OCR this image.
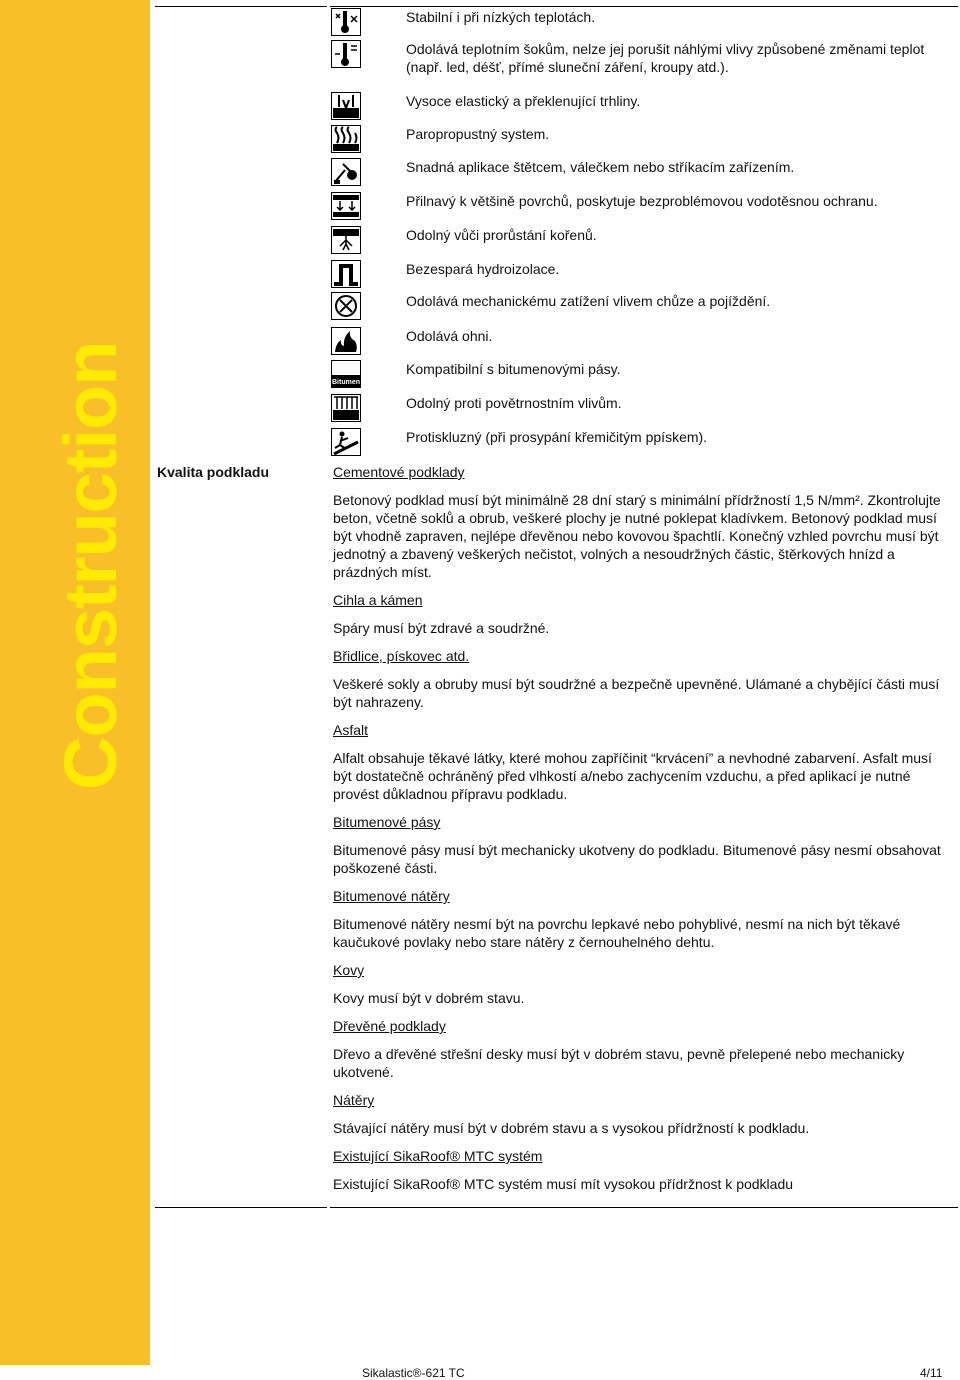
Construction
Stabilní i při nízkých teplotách.
Odolává teplotním šokům, nelze jej porušit náhlými vlivy způsobené změnami teplot (např. led, déšť, přímé sluneční záření, kroupy atd.).
Vysoce elastický a překlenující trhliny.
Paropropustný system.
Snadná aplikace štětcem, válečkem nebo stříkacím zařízením.
Přilnavý k většině povrchů, poskytuje bezproblémovou vodotěsnou ochranu.
Odolný vůči prorůstání kořenů.
Bezespará hydroizolace.
Odolává mechanickému zatížení vlivem chůze a pojíždění.
Odolává ohni.
Bitumen
Kompatibilní s bitumenovými pásy.
Odolný proti povětrnostním vlivům.
Protiskluzný (při prosypání křemičitým ppískem).
Kvalita podkladu	Cementové podklady
Betonový podklad musí být minimálně 28 dní starý s minimální přídržností 1,5 N/mm². Zkontrolujte beton, včetně soklů a obrub, veškeré plochy je nutné poklepat kladívkem. Betonový podklad musí být vhodně zapraven, nejlépe dřevěnou nebo kovovou špachtlí. Konečný vzhled povrchu musí být jednotný a zbavený veškerých nečistot, volných a nesoudržných částic, štěrkových hnízd a prázdných míst.
Cihla a kámen
Spáry musí být zdravé a soudržné.
Břidlice, pískovec atd.
Veškeré sokly a obruby musí být soudržné a bezpečně upevněné. Ulámané a chybějící části musí být nahrazeny.
Asfalt
Alfalt obsahuje těkavé látky, které mohou zapříčinit “krvácení” a nevhodné zabarvení. Asfalt musí být dostatečně ochráněný před vlhkostí a/nebo zachycením vzduchu, a před aplikací je nutné provést důkladnou přípravu podkladu.
Bitumenové pásy
Bitumenové pásy musí být mechanicky ukotveny do podkladu. Bitumenové pásy nesmí obsahovat poškozené části.
Bitumenové nátěry
Bitumenové nátěry nesmí být na povrchu lepkavé nebo pohyblivé, nesmí na nich být těkavé kaučukové povlaky nebo stare nátěry z černouhelného dehtu.
Kovy
Kovy musí být v dobrém stavu.
Dřevěné podklady
Dřevo a dřevěné střešní desky musí být v dobrém stavu, pevně přelepené nebo mechanicky ukotvené.
Nátěry
Stávající nátěry musí být v dobrém stavu a s vysokou přídržností k podkladu.
Existující SikaRoof® MTC systém
Existující SikaRoof® MTC systém musí mít vysokou přídržnost k podkladu
Sikalastic®-621 TC	4/11
